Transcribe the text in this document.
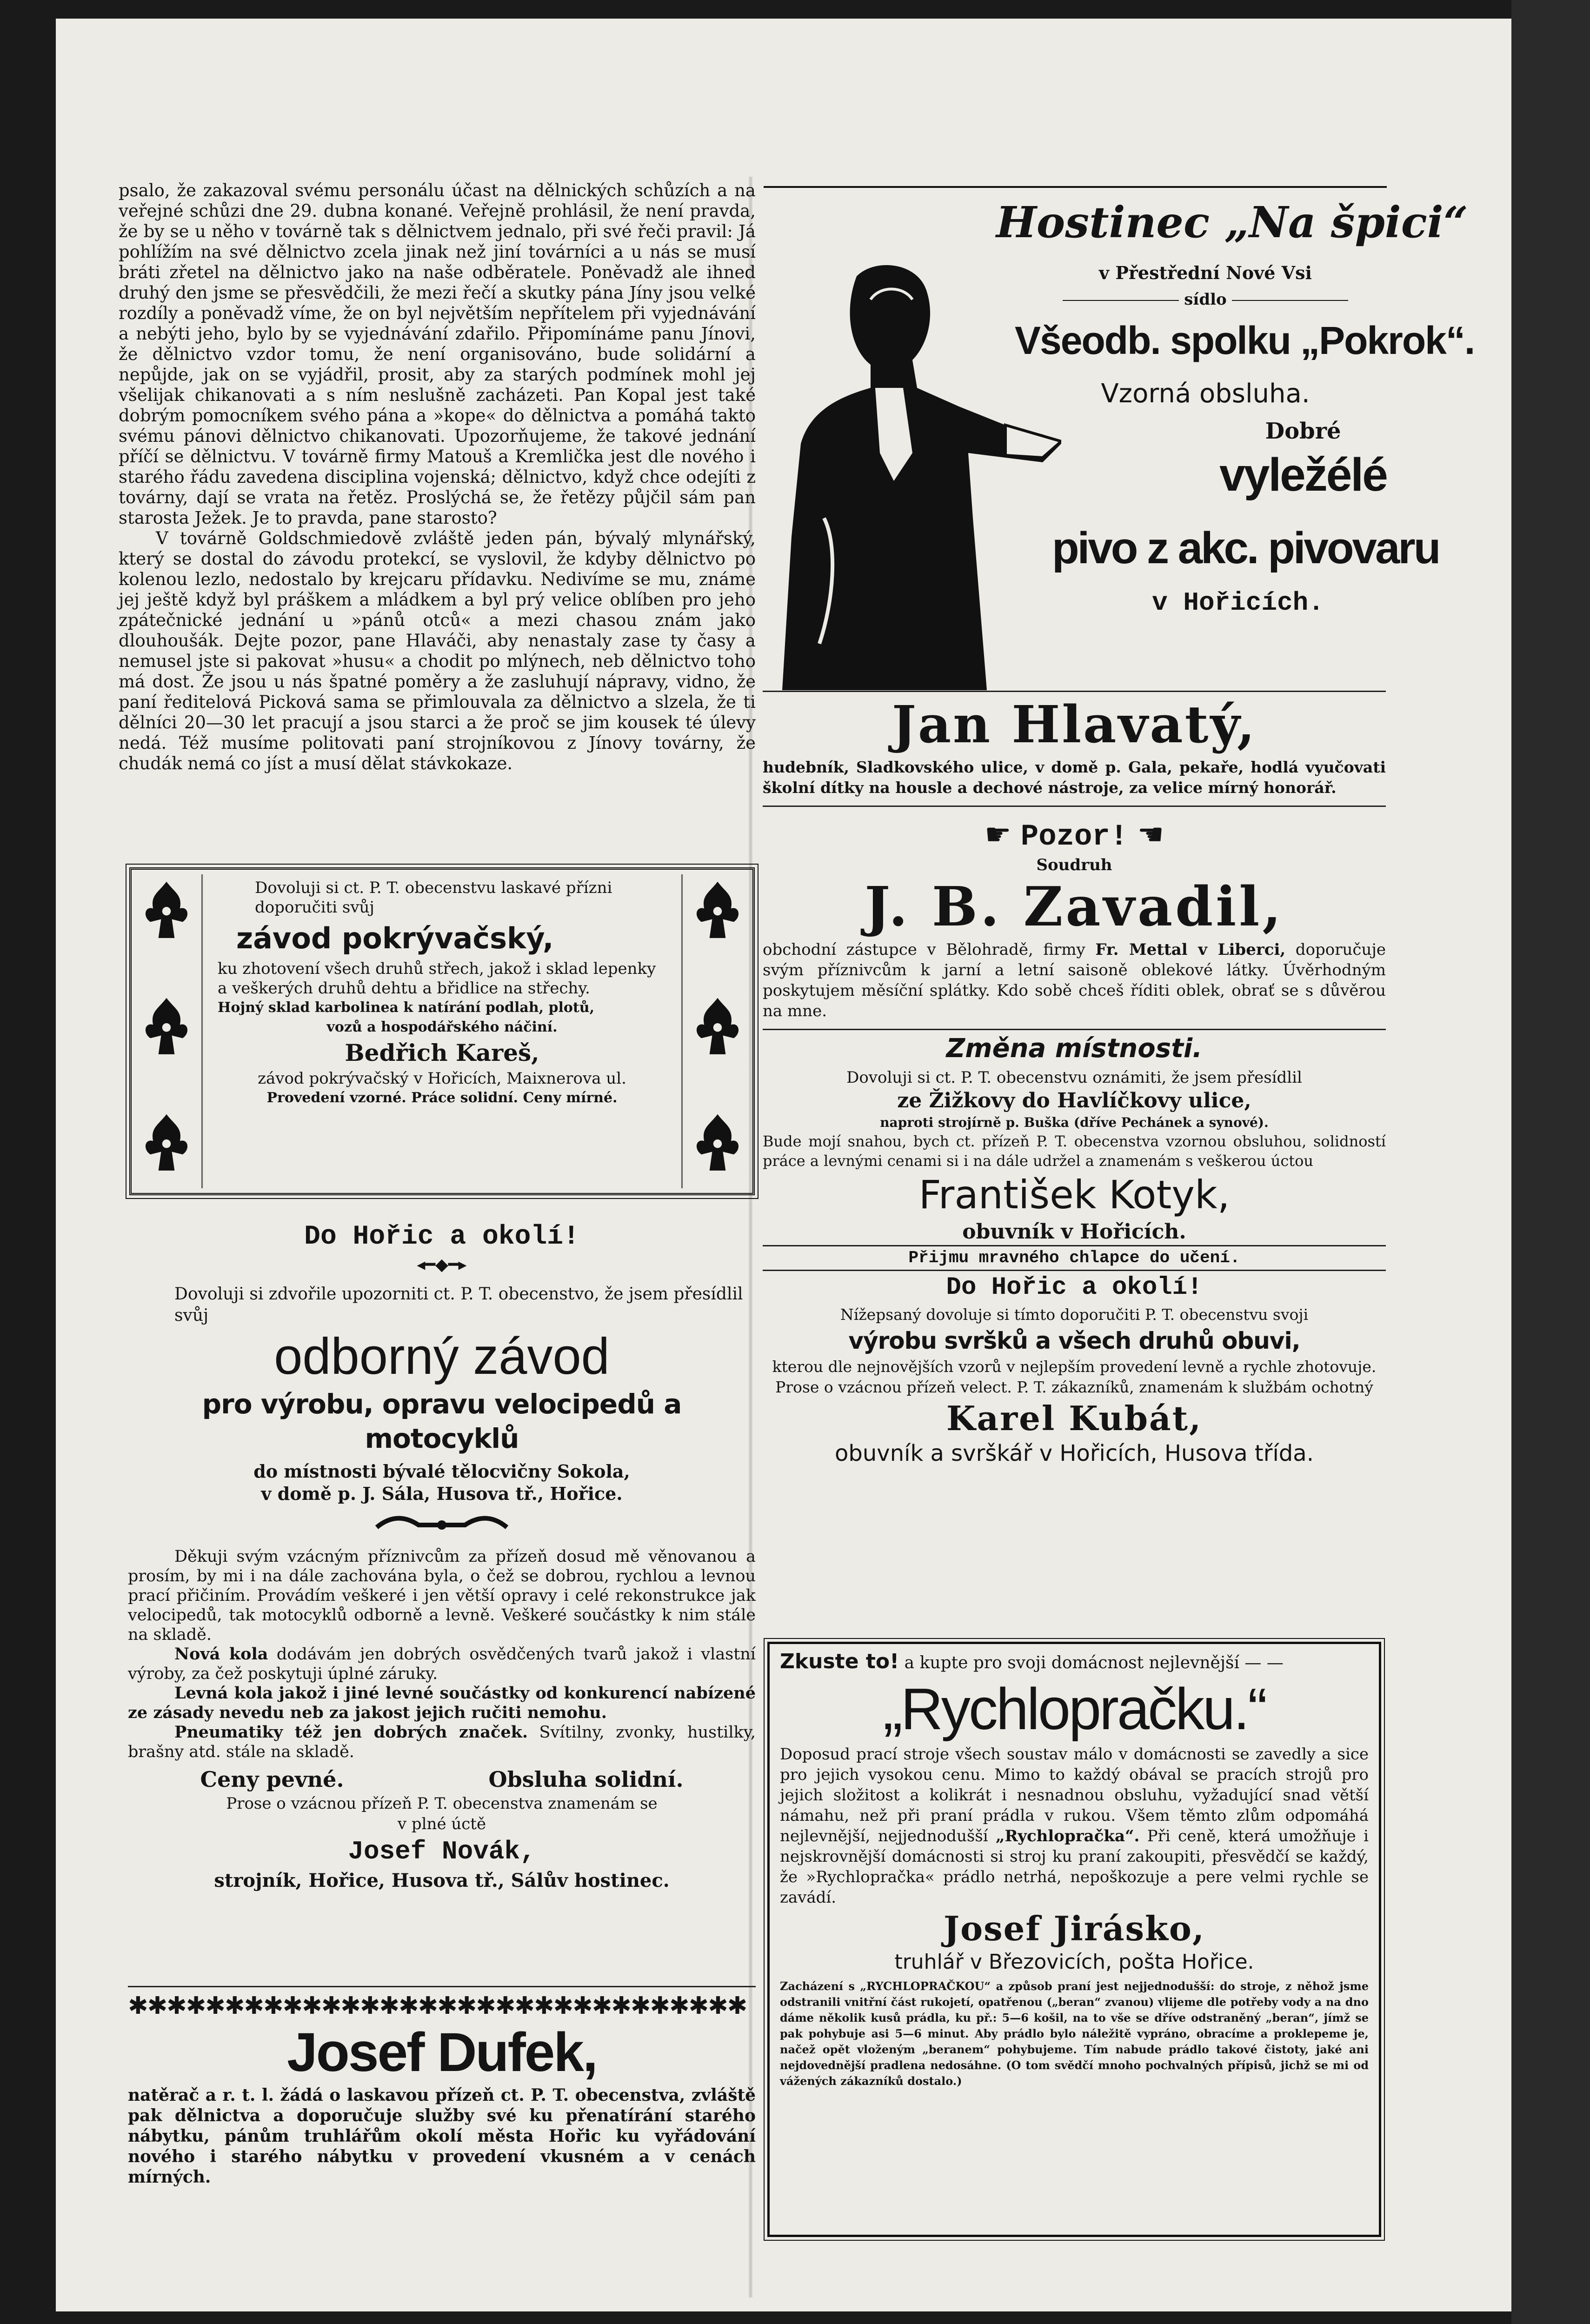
psalo, že zakazoval svému personálu účast na dělnických schůzích a na veřejné schůzi dne 29. dubna konané. Veřejně prohlásil, že není pravda, že by se u něho v továrně tak s dělnictvem jednalo, při své řeči pravil: Já pohlížím na své dělnictvo zcela jinak než jiní továrníci a u nás se musí bráti zřetel na dělnictvo jako na naše odběratele. Poněvadž ale ihned druhý den jsme se přesvědčili, že mezi řečí a skutky pána Jíny jsou velké rozdíly a poněvadž víme, že on byl největším nepřítelem při vyjednávání a nebýti jeho, bylo by se vyjednávání zdařilo. Připomínáme panu Jínovi, že dělnictvo vzdor tomu, že není organisováno, bude solidární a nepůjde, jak on se vyjádřil, prosit, aby za starých podmínek mohl jej všelijak chikanovati a s ním neslušně zacházeti. Pan Kopal jest také dobrým pomocníkem svého pána a »kope« do dělnictva a pomáhá takto svému pánovi dělnictvo chikanovati. Upozorňujeme, že takové jednání příčí se dělnictvu. V továrně firmy Matouš a Kremlička jest dle nového i starého řádu zavedena disciplina vojenská; dělnictvo, když chce odejíti z továrny, dají se vrata na řetěz. Proslýchá se, že řetězy půjčil sám pan starosta Ježek. Je to pravda, pane starosto?

V továrně Goldschmiedově zvláště jeden pán, bývalý mlynářský, který se dostal do závodu protekcí, se vyslovil, že kdyby dělnictvo po kolenou lezlo, nedostalo by krejcaru přídavku. Nedivíme se mu, známe jej ještě když byl práškem a mládkem a byl prý velice oblíben pro jeho zpátečnické jednání u »pánů otců« a mezi chasou znám jako dlouhoušák. Dejte pozor, pane Hlaváči, aby nenastaly zase ty časy a nemusel jste si pakovat »husu« a chodit po mlýnech, neb dělnictvo toho má dost. Že jsou u nás špatné poměry a že zasluhují nápravy, vidno, že paní ředitelová Picková sama se přimlouvala za dělnictvo a slzela, že ti dělníci 20—30 let pracují a jsou starci a že proč se jim kousek té úlevy nedá. Též musíme politovati paní strojníkovou z Jínovy továrny, že chudák nemá co jíst a musí dělat stávkokaze.

Dovoluji si ct. P. T. obecenstvu laskavé přízni doporučiti svůj
závod pokrývačský,
ku zhotovení všech druhů střech, jakož i sklad lepenky a veškerých druhů dehtu a břidlice na střechy.
Hojný sklad karbolinea k natírání podlah, plotů,
vozů a hospodářského náčiní.
Bedřich Kareš,
závod pokrývačský v Hořicích, Maixnerova ul.
Provedení vzorné. Práce solidní. Ceny mírné.
Do Hořic a okolí!
◂━◆━▸
Dovoluji si zdvořile upozorniti ct. P. T. obecenstvo, že jsem přesídlil svůj
odborný závod
pro výrobu, opravu velocipedů a motocyklů
do místnosti bývalé tělocvičny Sokola,
v domě p. J. Sála, Husova tř., Hořice.

Děkuji svým vzácným příznivcům za přízeň dosud mě věnovanou a prosím, by mi i na dále zachována byla, o čež se dobrou, rychlou a levnou prací přičiním. Provádím veškeré i jen větší opravy i celé rekonstrukce jak velocipedů, tak motocyklů odborně a levně. Veškeré součástky k nim stále na skladě.

Nová kola dodávám jen dobrých osvědčených tvarů jakož i vlastní výroby, za čež poskytuji úplné záruky.

Levná kola jakož i jiné levné součástky od konkurencí nabízené ze zásady nevedu neb za jakost jejich ručiti nemohu.

Pneumatiky též jen dobrých značek. Svítilny, zvonky, hustilky, brašny atd. stále na skladě.

Ceny pevné.	Obsluha solidní.
Prose o vzácnou přízeň P. T. obecenstva znamenám se
v plné úctě
Josef Novák,
strojník, Hořice, Husova tř., Sálův hostinec.
✱✱✱✱✱✱✱✱✱✱✱✱✱✱✱✱✱✱✱✱✱✱✱✱✱✱✱✱✱✱✱✱
Josef Dufek,
natěrač a r. t. l. žádá o laskavou přízeň ct. P. T. obecenstva, zvláště pak dělnictva a doporučuje služby své ku přenatírání starého nábytku, pánům truhlářům okolí města Hořic ku vyřádování nového i starého nábytku v provedení vkusném a v cenách mírných.
Hostinec „Na špici“
v Přestřední Nové Vsi
sídlo
Všeodb. spolku „Pokrok“.
Vzorná obsluha.
Dobré
vyležélé
pivo z akc. pivovaru
v Hořicích.
Jan Hlavatý,
hudebník, Sladkovského ulice, v domě p. Gala, pekaře, hodlá vyučovati školní dítky na housle a dechové nástroje, za velice mírný honorář.
☛ Pozor! ☚
Soudruh
J. B. Zavadil,
obchodní zástupce v Bělohradě, firmy Fr. Mettal v Liberci, doporučuje svým příznivcům k jarní a letní saisoně oblekové látky. Úvěrhodným poskytujem měsíční splátky. Kdo sobě chceš říditi oblek, obrať se s důvěrou na mne.
Změna místnosti.
Dovoluji si ct. P. T. obecenstvu oznámiti, že jsem přesídlil
ze Žižkovy do Havlíčkovy ulice,
naproti strojírně p. Buška (dříve Pechánek a synové).
Bude mojí snahou, bych ct. přízeň P. T. obecenstva vzornou obsluhou, solidností práce a levnými cenami si i na dále udržel a znamenám s veškerou úctou
František Kotyk,
obuvník v Hořicích.
Přijmu mravného chlapce do učení.
Do Hořic a okolí!
Nížepsaný dovoluje si tímto doporučiti P. T. obecenstvu svoji
výrobu svršků a všech druhů obuvi,
kterou dle nejnovějších vzorů v nejlepším provedení levně a rychle zhotovuje. Prose o vzácnou přízeň velect. P. T. zákazníků, znamenám k službám ochotný
Karel Kubát,
obuvník a svrškář v Hořicích, Husova třída.
Zkuste to! a kupte pro svoji domácnost nejlevnější — —
„Rychlopračku.“
Doposud prací stroje všech soustav málo v domácnosti se zavedly a sice pro jejich vysokou cenu. Mimo to každý obával se pracích strojů pro jejich složitost a kolikrát i nesnadnou obsluhu, vyžadující snad větší námahu, než při praní prádla v rukou. Všem těmto zlům odpomáhá nejlevnější, nejjednodušší „Rychlopračka“. Při ceně, která umožňuje i nejskrovnější domácnosti si stroj ku praní zakoupiti, přesvědčí se každý, že »Rychlopračka« prádlo netrhá, nepoškozuje a pere velmi rychle se zavádí.
Josef Jirásko,
truhlář v Březovicích, pošta Hořice.
Zacházení s „RYCHLOPRAČKOU“ a způsob praní jest nejjednodušší: do stroje, z něhož jsme odstranili vnitřní část rukojetí, opatřenou („beran“ zvanou) vlijeme dle potřeby vody a na dno dáme několik kusů prádla, ku př.: 5—6 košil, na to vše se dříve odstraněný „beran“, jímž se pak pohybuje asi 5—6 minut. Aby prádlo bylo náležitě vypráno, obracíme a proklepeme je, načež opět vloženým „beranem“ pohybujeme. Tím nabude prádlo takové čistoty, jaké ani nejdovednější pradlena nedosáhne. (O tom svědčí mnoho pochvalných přípisů, jichž se mi od vážených zákazníků dostalo.)
